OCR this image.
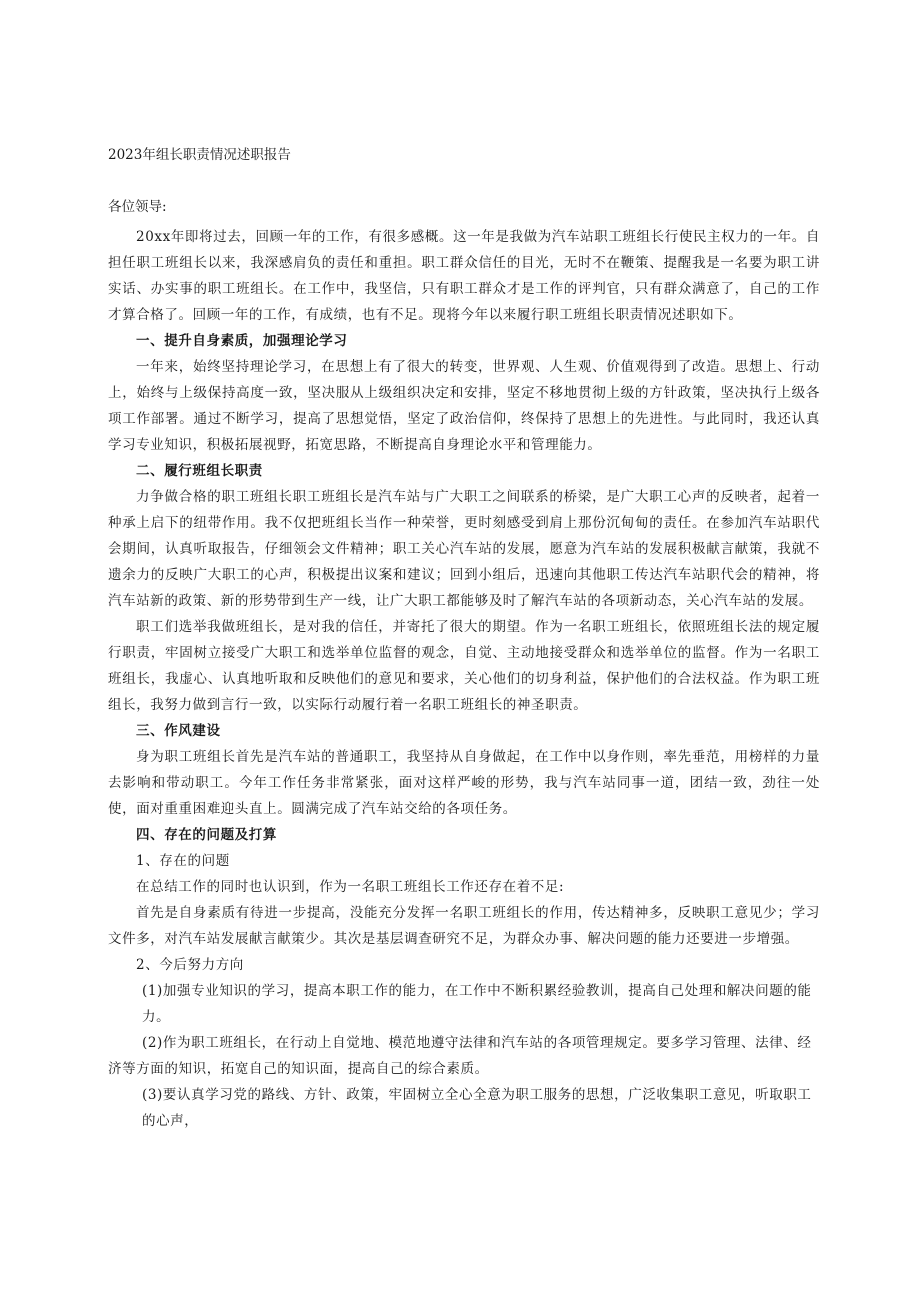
2023年组长职责情况述职报告
各位领导:

20xx年即将过去，回顾一年的工作，有很多感概。这一年是我做为汽车站职工班组长行使民主权力的一年。自担任职工班组长以来，我深感肩负的责任和重担。职工群众信任的目光，无时不在鞭策、提醒我是一名要为职工讲实话、办实事的职工班组长。在工作中，我坚信，只有职工群众才是工作的评判官，只有群众满意了，自己的工作才算合格了。回顾一年的工作，有成绩，也有不足。现将今年以来履行职工班组长职责情况述职如下。

一、提升自身素质，加强理论学习

一年来，始终坚持理论学习，在思想上有了很大的转变，世界观、人生观、价值观得到了改造。思想上、行动上，始终与上级保持高度一致，坚决服从上级组织决定和安排，坚定不移地贯彻上级的方针政策，坚决执行上级各项工作部署。通过不断学习，提高了思想觉悟，坚定了政治信仰，终保持了思想上的先进性。与此同时，我还认真学习专业知识，积极拓展视野，拓宽思路，不断提高自身理论水平和管理能力。

二、履行班组长职责

力争做合格的职工班组长职工班组长是汽车站与广大职工之间联系的桥梁，是广大职工心声的反映者，起着一种承上启下的纽带作用。我不仅把班组长当作一种荣誉，更时刻感受到肩上那份沉甸甸的责任。在参加汽车站职代会期间，认真听取报告，仔细领会文件精神；职工关心汽车站的发展，愿意为汽车站的发展积极献言献策，我就不遗余力的反映广大职工的心声，积极提出议案和建议；回到小组后，迅速向其他职工传达汽车站职代会的精神，将汽车站新的政策、新的形势带到生产一线，让广大职工都能够及时了解汽车站的各项新动态，关心汽车站的发展。

职工们选举我做班组长，是对我的信任，并寄托了很大的期望。作为一名职工班组长，依照班组长法的规定履行职责，牢固树立接受广大职工和选举单位监督的观念，自觉、主动地接受群众和选举单位的监督。作为一名职工班组长，我虚心、认真地听取和反映他们的意见和要求，关心他们的切身利益，保护他们的合法权益。作为职工班组长，我努力做到言行一致，以实际行动履行着一名职工班组长的神圣职责。

三、作风建设

身为职工班组长首先是汽车站的普通职工，我坚持从自身做起，在工作中以身作则，率先垂范，用榜样的力量去影响和带动职工。今年工作任务非常紧张，面对这样严峻的形势，我与汽车站同事一道，团结一致，劲往一处使，面对重重困难迎头直上。圆满完成了汽车站交给的各项任务。

四、存在的问题及打算

1、存在的问题

在总结工作的同时也认识到，作为一名职工班组长工作还存在着不足:

首先是自身素质有待进一步提高，没能充分发挥一名职工班组长的作用，传达精神多，反映职工意见少；学习文件多，对汽车站发展献言献策少。其次是基层调查研究不足，为群众办事、解决问题的能力还要进一步增强。

2、今后努力方向

(1)加强专业知识的学习，提高本职工作的能力，在工作中不断积累经验教训，提高自己处理和解决问题的能力。

(2)作为职工班组长，在行动上自觉地、模范地遵守法律和汽车站的各项管理规定。要多学习管理、法律、经

济等方面的知识，拓宽自己的知识面，提高自己的综合素质。

(3)要认真学习党的路线、方针、政策，牢固树立全心全意为职工服务的思想，广泛收集职工意见，听取职工的心声，
